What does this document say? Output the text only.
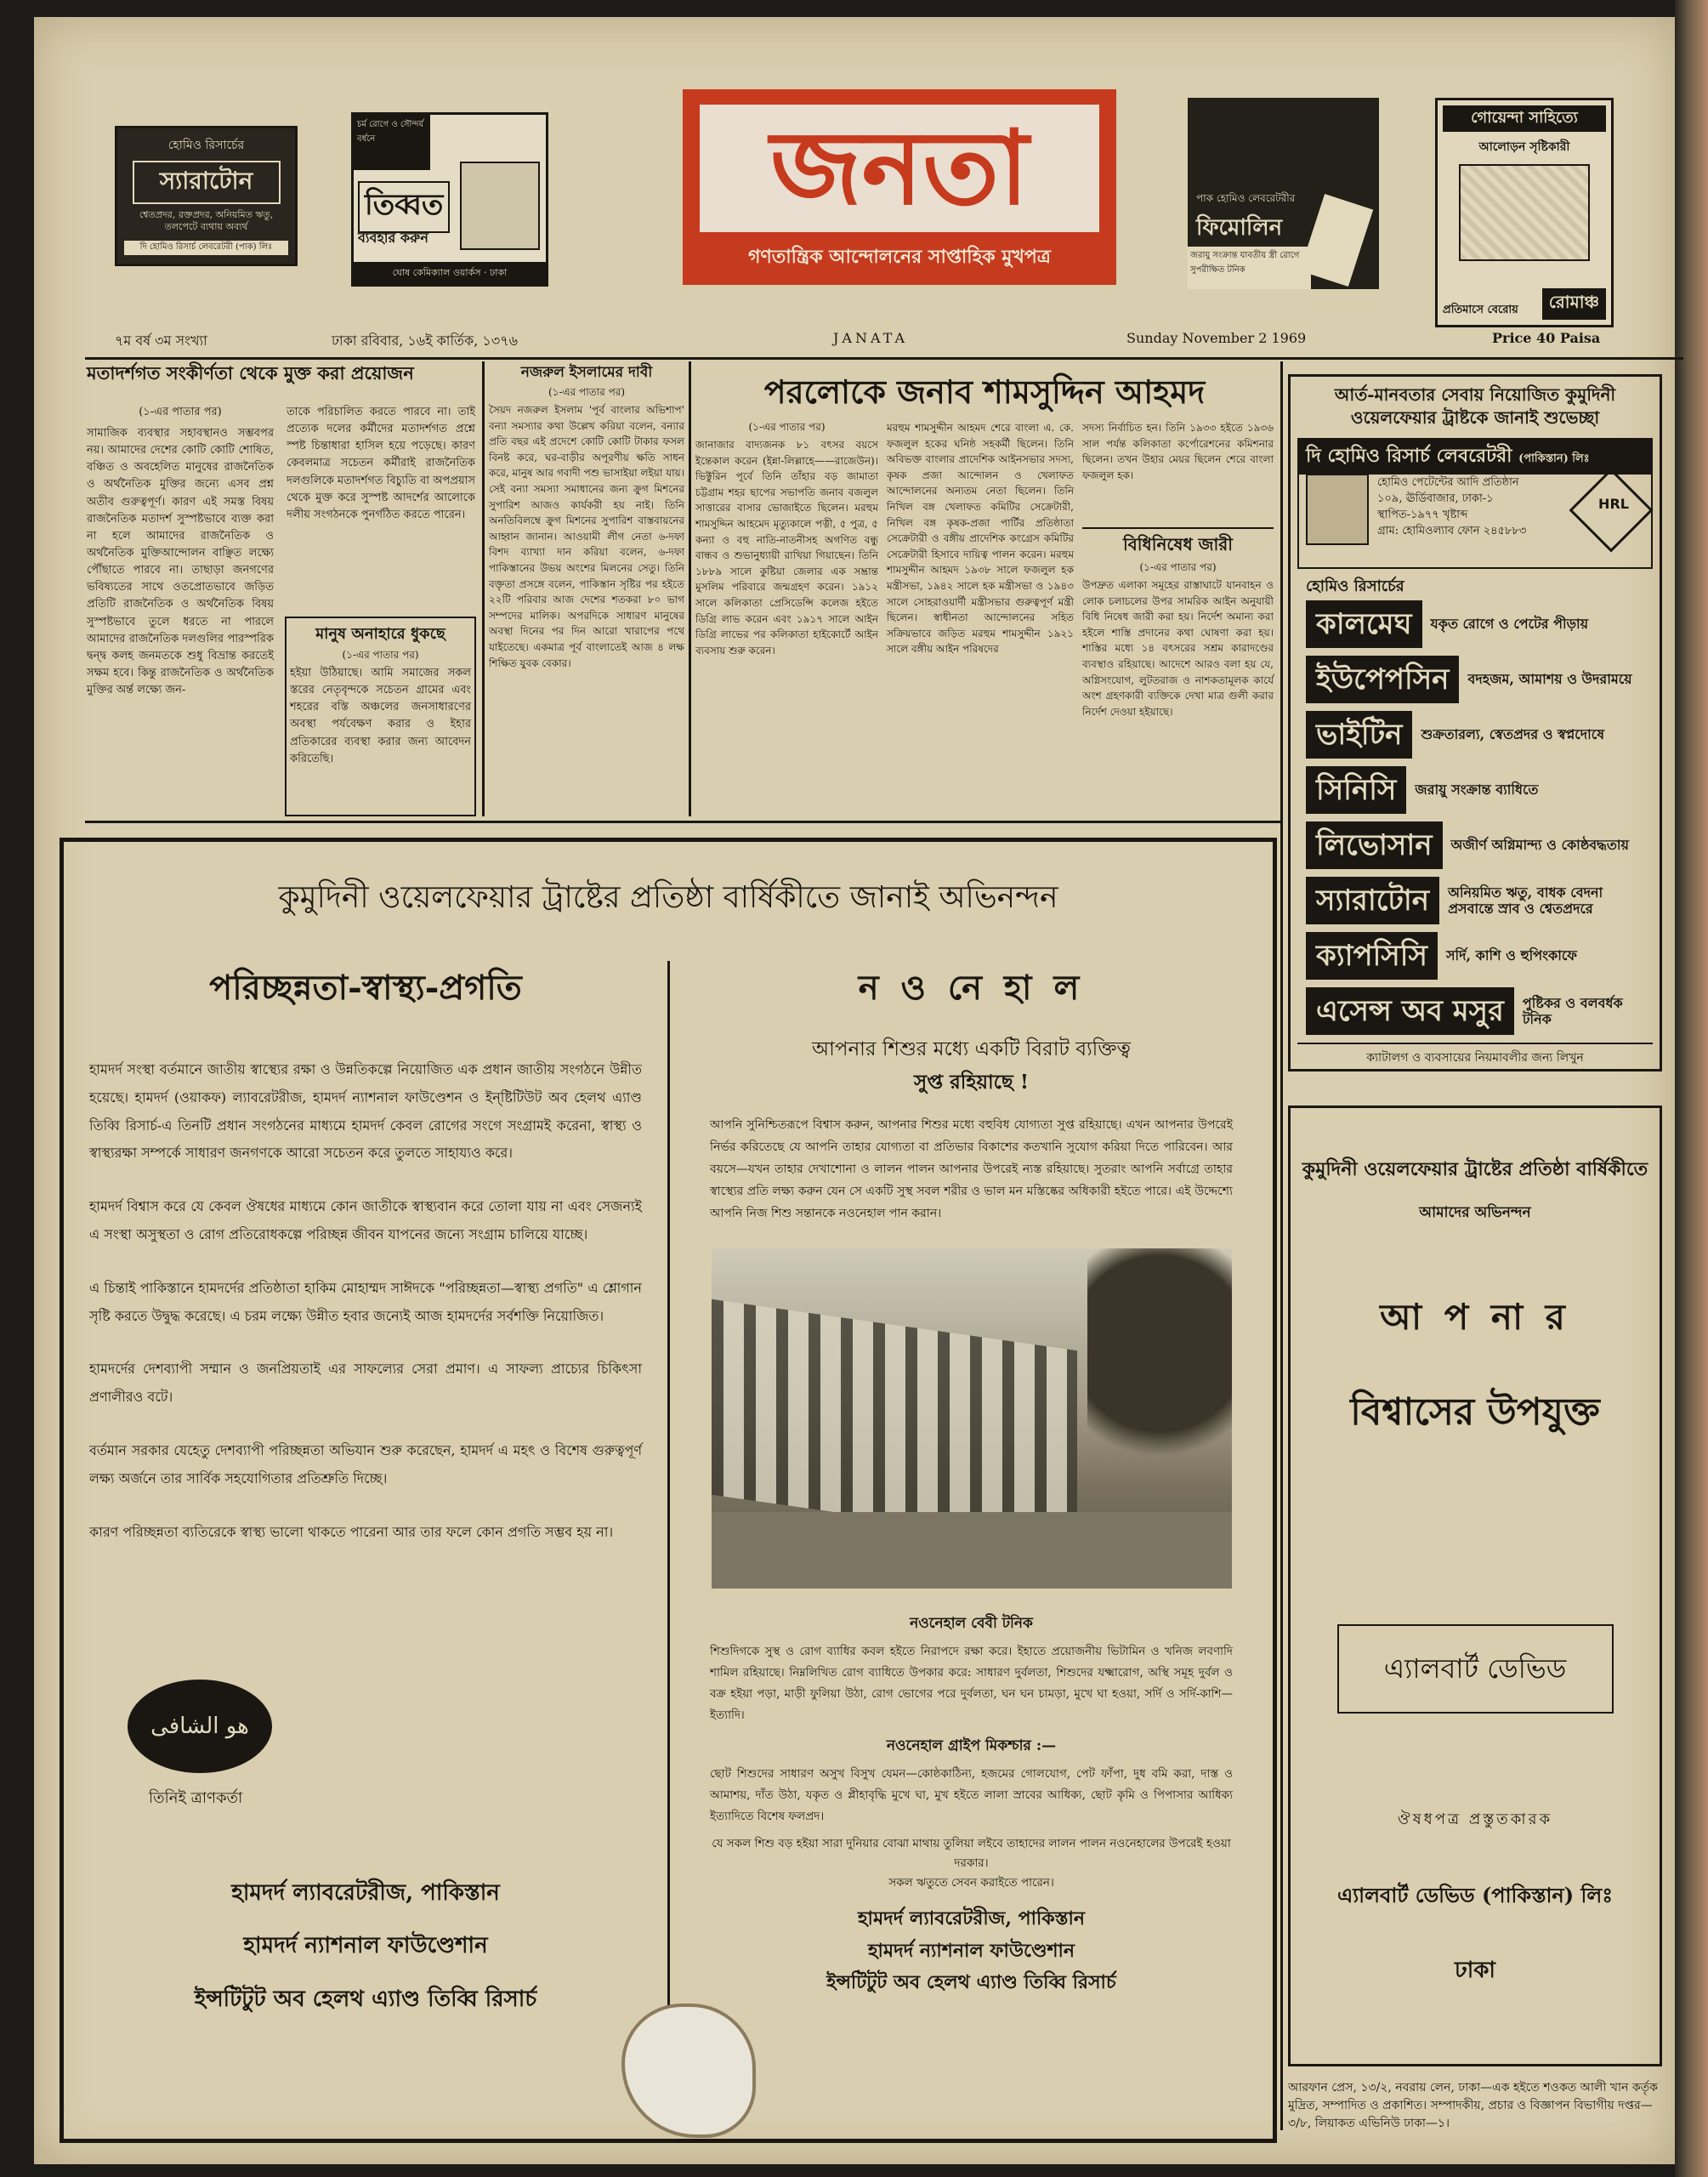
হোমিও রিসার্চের
স্যারাটোন
শ্বেতপ্রদর, রক্তপ্রদর, অনিয়মিত ঋতু, তলপেটে ব্যথায় অব্যর্থ
দি হোমিও রিসার্চ লেবরেটরী (পাক) লিঃ
চর্ম রোগে ও সৌন্দর্য বর্ধনে
তিব্বত
ব্যবহার করুন
ঘোষ কেমিক্যাল ওয়ার্কস · ঢাকা
জনতা
গণতান্ত্রিক আন্দোলনের সাপ্তাহিক মুখপত্র
পাক হোমিও লেবরেটরীর
ফিমোলিন
জরায়ু সংক্রান্ত যাবতীয় স্ত্রী রোগে সুপরীক্ষিত টনিক
গোয়েন্দা সাহিত্যে
আলোড়ন সৃষ্টিকারী
প্রতিমাসে বেরোয়	রোমাঞ্চ
৭ম বর্ষ ৩ম সংখ্যা	ঢাকা রবিবার, ১৬ই কার্তিক, ১৩৭৬	JANATA	Sunday November 2 1969	Price 40 Paisa
মতাদর্শগত সংকীর্ণতা থেকে মুক্ত করা প্রয়োজন
(১-এর পাতার পর)
সামাজিক ব্যবস্থার সহাবস্থানও সম্ভবপর নয়। আমাদের দেশের কোটি কোটি শোষিত, বঞ্চিত ও অবহেলিত মানুষের রাজনৈতিক ও অর্থনৈতিক মুক্তির জন্যে এসব প্রশ্ন অতীব গুরুত্বপূর্ণ। কারণ এই সমস্ত বিষয় রাজনৈতিক মতাদর্শ সুস্পষ্টভাবে ব্যক্ত করা না হলে আমাদের রাজনৈতিক ও অর্থনৈতিক মুক্তিআন্দোলন বাঞ্ছিত লক্ষ্যে পৌঁছাতে পারবে না। তাছাড়া জনগণের ভবিষ্যতের সাথে ওতপ্রোতভাবে জড়িত প্রতিটি রাজনৈতিক ও অর্থনৈতিক বিষয় সুস্পষ্টভাবে তুলে ধরতে না পারলে আমাদের রাজনৈতিক দলগুলির পারস্পরিক দ্বন্দ্ব কলহ জনমতকে শুধু বিভ্রান্ত করতেই সক্ষম হবে। কিন্তু রাজনৈতিক ও অর্থনৈতিক মুক্তির অর্ন্ত লক্ষ্যে জন-
তাকে পরিচালিত করতে পারবে না। তাই প্রত্যেক দলের কর্মীদের মতাদর্শগত প্রশ্নে স্পষ্ট চিন্তাধারা হাসিল হয়ে পড়েছে। কারণ কেবলমাত্র সচেতন কর্মীরাই রাজনৈতিক দলগুলিকে মতাদর্শগত বিচ্যুতি বা অপপ্রয়াস থেকে মুক্ত করে সুস্পষ্ট আদর্শের আলোকে দলীয় সংগঠনকে পুনর্গঠিত করতে পারেন।
নজরুল ইসলামের দাবী
(১-এর পাতার পর)
সৈয়দ নজরুল ইসলাম 'পূর্ব বাংলার অভিশাপ' বন্যা সমস্যার কথা উল্লেখ করিয়া বলেন, বন্যার প্রতি বছর এই প্রদেশে কোটি কোটি টাকার ফসল বিনষ্ট করে, ঘর-বাড়ীর অপূরণীয় ক্ষতি সাধন করে, মানুষ আর গবাদী পশু ভাসাইয়া লইয়া যায়। সেই বন্যা সমস্যা সমাধানের জন্য ক্রুগ মিশনের সুপারিশ আজও কার্যকরী হয় নাই। তিনি অনতিবিলম্বে ক্রুগ মিশনের সুপারিশ বাস্তবায়নের আহ্বান জানান। আওয়ামী লীগ নেতা ৬-দফা বিশদ ব্যাখ্যা দান করিয়া বলেন, ৬-দফা পাকিস্তানের উভয় অংশের মিলনের সেতু। তিনি বক্তৃতা প্রসঙ্গে বলেন, পাকিস্তান সৃষ্টির পর হইতে ২২টি পরিবার আজ দেশের শতকরা ৮০ ভাগ সম্পদের মালিক। অপরদিকে সাধারণ মানুষের অবস্থা দিনের পর দিন আরো খারাপের পথে যাইতেছে। একমাত্র পূর্ব বাংলাতেই আজ ৪ লক্ষ শিক্ষিত যুবক বেকার।
মানুষ অনাহারে ধুকছে
(১-এর পাতার পর)
হইয়া উঠিয়াছে। আমি সমাজের সকল স্তরের নেতৃবৃন্দকে সচেতন গ্রামের এবং শহরের বস্তি অঞ্চলের জনসাধারণের অবস্থা পর্যবেক্ষণ করার ও ইহার প্রতিকারের ব্যবস্থা করার জন্য আবেদন করিতেছি।
পরলোকে জনাব শামসুদ্দিন আহমদ
(১-এর পাতার পর)
জানাজার বাদ্যজনক ৮১ বৎসর বয়সে ইন্তেকাল করেন (ইন্না-লিল্লাহে——রাজেউন)। ভিক্টুরিন পূর্বে তিনি তাঁহার বড় জামাতা চট্টগ্রাম শহর ছাপের সভাপতি জনাব বজলুল সাত্তারের বাসার ভোজাইতে ছিলেন। মরহুম শামসুদ্দিন আহমেদ মৃত্যুকালে পত্নী, ৫ পুত্র, ৫ কন্যা ও বহু নাতি-নাতনীসহ অগণিত বন্ধু বান্ধব ও শুভানুধ্যায়ী রাখিয়া গিয়াছেন। তিনি ১৮৮৯ সালে কুষ্টিয়া জেলার এক সম্ভ্রান্ত মুসলিম পরিবারে জন্মগ্রহণ করেন। ১৯১২ সালে কলিকাতা প্রেসিডেন্সি কলেজ হইতে ডিগ্রি লাভ করেন এবং ১৯১৭ সালে আইন ডিগ্রি লাভের পর কলিকাতা হাইকোর্টে আইন ব্যবসায় শুরু করেন।
মরহুম শামসুদ্দীন আহমদ শেরে বাংলা এ. কে. ফজলুল হকের ঘনিষ্ঠ সহকর্মী ছিলেন। তিনি অবিভক্ত বাংলার প্রাদেশিক আইনসভার সদস্য, কৃষক প্রজা আন্দোলন ও খেলাফত আন্দোলনের অন্যতম নেতা ছিলেন। তিনি নিখিল বঙ্গ খেলাফত কমিটির সেক্রেটারী, নিখিল বঙ্গ কৃষক-প্রজা পার্টির প্রতিষ্ঠাতা সেক্রেটারী ও বঙ্গীয় প্রাদেশিক কংগ্রেস কমিটির সেক্রেটারী হিসাবে দায়িত্ব পালন করেন। মরহুম শামসুদ্দীন আহমদ ১৯৩৮ সালে ফজলুল হক মন্ত্রীসভা, ১৯৪২ সালে হক মন্ত্রীসভা ও ১৯৪৩ সালে সোহরাওয়ার্দী মন্ত্রীসভার গুরুত্বপূর্ণ মন্ত্রী ছিলেন। স্বাধীনতা আন্দোলনের সহিত সক্রিয়ভাবে জড়িত মরহুম শামসুদ্দীন ১৯২১ সালে বঙ্গীয় আইন পরিষদের
সদস্য নির্বাচিত হন। তিনি ১৯৩৩ হইতে ১৯৩৬ সাল পর্যন্ত কলিকাতা কর্পোরেশনের কমিশনার ছিলেন। তখন উহার মেয়র ছিলেন শেরে বাংলা ফজলুল হক।
বিধিনিষেধ জারী
(১-এর পাতার পর)
উপদ্রুত এলাকা সমূহের রাস্তাঘাটে যানবাহন ও লোক চলাচলের উপর সামরিক আইন অনুযায়ী বিধি নিষেধ জারী করা হয়। নির্দেশ অমান্য করা হইলে শাস্তি প্রদানের কথা ঘোষণা করা হয়। শাস্তির মধ্যে ১৪ বৎসরের সশ্রম কারাদণ্ডের ব্যবস্থাও রহিয়াছে। আদেশে আরও বলা হয় যে, অগ্নিসংযোগ, লুটতরাজ ও নাশকতামূলক কার্যে অংশ গ্রহণকারী ব্যক্তিকে দেখা মাত্র গুলী করার নির্দেশ দেওয়া হইয়াছে।
আর্ত-মানবতার সেবায় নিয়োজিত কুমুদিনী ওয়েলফেয়ার ট্রাষ্টকে জানাই শুভেচ্ছা
দি হোমিও রিসার্চ লেবরেটরী (পাকিস্তান) লিঃ
হোমিও পেটেন্টের আদি প্রতিষ্ঠান
১০৯, ঊর্ডিবাজার, ঢাকা-১
স্থাপিত-১৯৭৭ খৃষ্টাব্দ
গ্রাম: হোমিওল্যাব ফোন ২৪৫৮৮৩
HRL
হোমিও রিসার্চের
কালমেঘ	যকৃত রোগে ও পেটের পীড়ায়
ইউপেপসিন	বদহজম, আমাশয় ও উদরাময়ে
ভাইটিন	শুক্রতারল্য, স্বেতপ্রদর ও স্বপ্নদোষে
সিনিসি	জরায়ু সংক্রান্ত ব্যাধিতে
লিভোসান	অজীর্ণ অগ্নিমান্দ্য ও কোষ্ঠবদ্ধতায়
স্যারাটোন	অনিয়মিত ঋতু, বাধক বেদনা প্রসবান্তে স্রাব ও শ্বেতপ্রদরে
ক্যাপসিসি	সর্দি, কাশি ও হুপিংকাফে
এসেন্স অব মসুর	পুষ্টিকর ও বলবর্ধক টনিক
ক্যাটালগ ও ব্যবসায়ের নিয়মাবলীর জন্য লিখুন
কুমুদিনী ওয়েলফেয়ার ট্রাষ্টের প্রতিষ্ঠা বার্ষিকীতে
আমাদের অভিনন্দন
আ প না র
বিশ্বাসের উপযুক্ত
এ্যালবার্ট ডেভিড
ঔষধপত্র প্রস্তুতকারক
এ্যালবার্ট ডেভিড (পাকিস্তান) লিঃ
ঢাকা
আরফান প্রেস, ১৩/২, নবরায় লেন, ঢাকা—এক হইতে শওকত আলী খান কর্তৃক মুদ্রিত, সম্পাদিত ও প্রকাশিত। সম্পাদকীয়, প্রচার ও বিজ্ঞাপন বিভাগীয় দপ্তর—৩/৮, লিয়াকত এভিনিউ ঢাকা—১।
কুমুদিনী ওয়েলফেয়ার ট্রাষ্টের প্রতিষ্ঠা বার্ষিকীতে জানাই অভিনন্দন
পরিচ্ছন্নতা-স্বাস্থ্য-প্রগতি

হামদর্দ সংস্থা বর্তমানে জাতীয় স্বাস্থ্যের রক্ষা ও উন্নতিকল্পে নিয়োজিত এক প্রধান জাতীয় সংগঠনে উন্নীত হয়েছে। হামদর্দ (ওয়াকফ) ল্যাবরেটরীজ, হামদর্দ ন্যাশনাল ফাউণ্ডেশন ও ইন্‌ষ্টিটিউট অব হেলথ এ্যাণ্ড তিব্বি রিসার্চ-এ তিনটি প্রধান সংগঠনের মাধ্যমে হামদর্দ কেবল রোগের সংগে সংগ্রামই করেনা, স্বাস্থ্য ও স্বাস্থ্যরক্ষা সম্পর্কে সাধারণ জনগণকে আরো সচেতন করে তুলতে সাহায্যও করে।

হামদর্দ বিশ্বাস করে যে কেবল ঔষধের মাধ্যমে কোন জাতীকে স্বাস্থ্যবান করে তোলা যায় না এবং সেজন্যই এ সংস্থা অসুস্থতা ও রোগ প্রতিরোধকল্পে পরিচ্ছন্ন জীবন যাপনের জন্যে সংগ্রাম চালিয়ে যাচ্ছে।

এ চিন্তাই পাকিস্তানে হামদর্দের প্রতিষ্ঠাতা হাকিম মোহাম্মদ সাঈদকে "পরিচ্ছন্নতা—স্বাস্থ্য প্রগতি" এ শ্লোগান সৃষ্টি করতে উদ্বুদ্ধ করেছে। এ চরম লক্ষ্যে উন্নীত হবার জন্যেই আজ হামদর্দের সর্বশক্তি নিয়োজিত।

হামদর্দের দেশব্যাপী সম্মান ও জনপ্রিয়তাই এর সাফল্যের সেরা প্রমাণ। এ সাফল্য প্রাচ্যের চিকিৎসা প্রণালীরও বটে।

বর্তমান সরকার যেহেতু দেশব্যাপী পরিচ্ছন্নতা অভিযান শুরু করেছেন, হামদর্দ এ মহৎ ও বিশেষ গুরুত্বপূর্ণ লক্ষ্য অর্জনে তার সার্বিক সহযোগিতার প্রতিশ্রুতি দিচ্ছে।

কারণ পরিচ্ছন্নতা ব্যতিরেকে স্বাস্থ্য ভালো থাকতে পারেনা আর তার ফলে কোন প্রগতি সম্ভব হয় না।

هو الشافى
তিনিই ত্রাণকর্তা
হামদর্দ ল্যাবরেটরীজ, পাকিস্তান
হামদর্দ ন্যাশনাল ফাউণ্ডেশান
ইন্সটিটুট অব হেলথ এ্যাণ্ড তিব্বি রিসার্চ
ন ও নে হা ল
আপনার শিশুর মধ্যে একটি বিরাট ব্যক্তিত্ব
সুপ্ত রহিয়াছে !
আপনি সুনিশ্চিতরূপে বিশ্বাস করুন, আপনার শিশুর মধ্যে বহুবিধ যোগ্যতা সুপ্ত রহিয়াছে। এখন আপনার উপরেই নির্ভর করিতেছে যে আপনি তাহার যোগ্যতা বা প্রতিভার বিকাশের কতখানি সুযোগ করিয়া দিতে পারিবেন। আর বয়সে—যখন তাহার দেখাশোনা ও লালন পালন আপনার উপরেই ন্যস্ত রহিয়াছে। সুতরাং আপনি সর্বাগ্রে তাহার স্বাস্থ্যের প্রতি লক্ষ্য করুন যেন সে একটি সুস্থ সবল শরীর ও ভাল মন মস্তিষ্কের অধিকারী হইতে পারে। এই উদ্দেশ্যে আপনি নিজ শিশু সন্তানকে নওনেহাল পান করান।
নওনেহাল বেবী টনিক
শিশুদিগকে সুস্থ ও রোগ ব্যাধির কবল হইতে নিরাপদে রক্ষা করে। ইহাতে প্রয়োজনীয় ভিটামিন ও খনিজ লবণাদি শামিল রহিয়াছে। নিম্নলিখিত রোগ ব্যাধিতে উপকার করে: সাধারণ দুর্বলতা, শিশুদের যক্ষ্মারোগ, অস্থি সমূহ দুর্বল ও বক্র হইয়া পড়া, মাড়ী ফুলিয়া উঠা, রোগ ভোগের পরে দুর্বলতা, ঘন ঘন চামড়া, মুখে ঘা হওয়া, সর্দি ও সর্দি-কাশি—ইত্যাদি।
নওনেহাল গ্রাইপ মিকশ্চার :—
ছোট শিশুদের সাধারণ অসুখ বিসুখ যেমন—কোষ্ঠকাঠিন্য, হজমের গোলযোগ, পেট ফাঁপা, দুধ বমি করা, দাস্ত ও আমাশয়, দাঁত উঠা, যকৃত ও প্লীহাবৃদ্ধি মুখে ঘা, মুখ হইতে লালা স্রাবের আধিক্য, ছোট কৃমি ও পিপাসার আধিক্য ইত্যাদিতে বিশেষ ফলপ্রদ।
যে সকল শিশু বড় হইয়া সারা দুনিয়ার বোঝা মাথায় তুলিয়া লইবে তাহাদের লালন পালন নওনেহালের উপরেই হওয়া দরকার।
সকল ঋতুতে সেবন করাইতে পারেন।
হামদর্দ ল্যাবরেটরীজ, পাকিস্তান
হামদর্দ ন্যাশনাল ফাউণ্ডেশান
ইন্সটিটুট অব হেলথ এ্যাণ্ড তিব্বি রিসার্চ
